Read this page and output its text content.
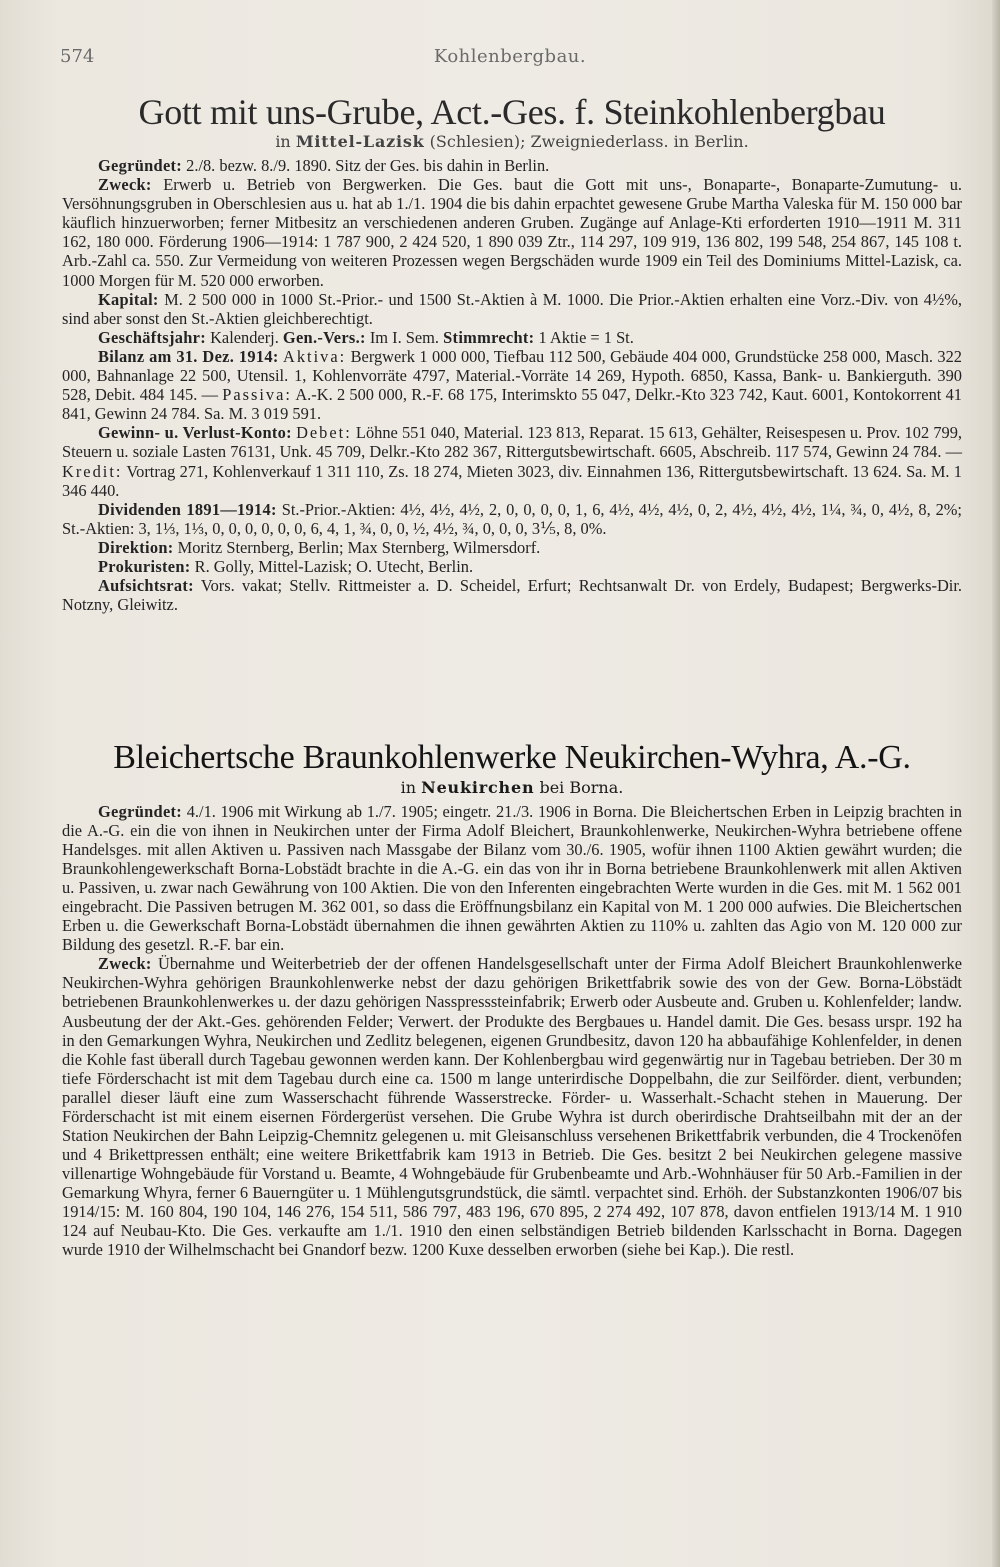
574	Kohlenbergbau.
Gott mit uns-Grube, Act.-Ges. f. Steinkohlenbergbau
in Mittel-Lazisk (Schlesien); Zweigniederlass. in Berlin.

Gegründet: 2./8. bezw. 8./9. 1890. Sitz der Ges. bis dahin in Berlin.

Zweck: Erwerb u. Betrieb von Bergwerken. Die Ges. baut die Gott mit uns-, Bonaparte-, Bonaparte-Zumutung- u. Versöhnungsgruben in Oberschlesien aus u. hat ab 1./1. 1904 die bis dahin erpachtet gewesene Grube Martha Valeska für M. 150 000 bar käuflich hinzuerworben; ferner Mitbesitz an verschiedenen anderen Gruben. Zugänge auf Anlage-Kti erforderten 1910—1911 M. 311 162, 180 000. Förderung 1906—1914: 1 787 900, 2 424 520, 1 890 039 Ztr., 114 297, 109 919, 136 802, 199 548, 254 867, 145 108 t. Arb.-Zahl ca. 550. Zur Vermeidung von weiteren Prozessen wegen Bergschäden wurde 1909 ein Teil des Dominiums Mittel-Lazisk, ca. 1000 Morgen für M. 520 000 erworben.

Kapital: M. 2 500 000 in 1000 St.-Prior.- und 1500 St.-Aktien à M. 1000. Die Prior.-Aktien erhalten eine Vorz.-Div. von 4½%, sind aber sonst den St.-Aktien gleichberechtigt.

Geschäftsjahr: Kalenderj. Gen.-Vers.: Im I. Sem. Stimmrecht: 1 Aktie = 1 St.

Bilanz am 31. Dez. 1914: Aktiva: Bergwerk 1 000 000, Tiefbau 112 500, Gebäude 404 000, Grundstücke 258 000, Masch. 322 000, Bahnanlage 22 500, Utensil. 1, Kohlenvorräte 4797, Material.-Vorräte 14 269, Hypoth. 6850, Kassa, Bank- u. Bankierguth. 390 528, Debit. 484 145. — Passiva: A.-K. 2 500 000, R.-F. 68 175, Interimskto 55 047, Delkr.-Kto 323 742, Kaut. 6001, Kontokorrent 41 841, Gewinn 24 784. Sa. M. 3 019 591.

Gewinn- u. Verlust-Konto: Debet: Löhne 551 040, Material. 123 813, Reparat. 15 613, Gehälter, Reisespesen u. Prov. 102 799, Steuern u. soziale Lasten 76131, Unk. 45 709, Delkr.-Kto 282 367, Rittergutsbewirtschaft. 6605, Abschreib. 117 574, Gewinn 24 784. — Kredit: Vortrag 271, Kohlenverkauf 1 311 110, Zs. 18 274, Mieten 3023, div. Einnahmen 136, Rittergutsbewirtschaft. 13 624. Sa. M. 1 346 440.

Dividenden 1891—1914: St.-Prior.-Aktien: 4½, 4½, 4½, 2, 0, 0, 0, 0, 1, 6, 4½, 4½, 4½, 0, 2, 4½, 4½, 4½, 1¼, ¾, 0, 4½, 8, 2%; St.-Aktien: 3, 1⅓, 1⅓, 0, 0, 0, 0, 0, 0, 6, 4, 1, ¾, 0, 0, ½, 4½, ¾, 0, 0, 0, 3⅕, 8, 0%.

Direktion: Moritz Sternberg, Berlin; Max Sternberg, Wilmersdorf.

Prokuristen: R. Golly, Mittel-Lazisk; O. Utecht, Berlin.

Aufsichtsrat: Vors. vakat; Stellv. Rittmeister a. D. Scheidel, Erfurt; Rechtsanwalt Dr. von Erdely, Budapest; Bergwerks-Dir. Notzny, Gleiwitz.

Bleichertsche Braunkohlenwerke Neukirchen-Wyhra, A.-G.
in Neukirchen bei Borna.

Gegründet: 4./1. 1906 mit Wirkung ab 1./7. 1905; eingetr. 21./3. 1906 in Borna. Die Bleichertschen Erben in Leipzig brachten in die A.-G. ein die von ihnen in Neukirchen unter der Firma Adolf Bleichert, Braunkohlenwerke, Neukirchen-Wyhra betriebene offene Handelsges. mit allen Aktiven u. Passiven nach Massgabe der Bilanz vom 30./6. 1905, wofür ihnen 1100 Aktien gewährt wurden; die Braunkohlengewerkschaft Borna-Lobstädt brachte in die A.-G. ein das von ihr in Borna betriebene Braunkohlenwerk mit allen Aktiven u. Passiven, u. zwar nach Gewährung von 100 Aktien. Die von den Inferenten eingebrachten Werte wurden in die Ges. mit M. 1 562 001 eingebracht. Die Passiven betrugen M. 362 001, so dass die Eröffnungsbilanz ein Kapital von M. 1 200 000 aufwies. Die Bleichertschen Erben u. die Gewerkschaft Borna-Lobstädt übernahmen die ihnen gewährten Aktien zu 110% u. zahlten das Agio von M. 120 000 zur Bildung des gesetzl. R.-F. bar ein.

Zweck: Übernahme und Weiterbetrieb der der offenen Handelsgesellschaft unter der Firma Adolf Bleichert Braunkohlenwerke Neukirchen-Wyhra gehörigen Braunkohlenwerke nebst der dazu gehörigen Brikettfabrik sowie des von der Gew. Borna-Löbstädt betriebenen Braunkohlenwerkes u. der dazu gehörigen Nasspresssteinfabrik; Erwerb oder Ausbeute and. Gruben u. Kohlenfelder; landw. Ausbeutung der der Akt.-Ges. gehörenden Felder; Verwert. der Produkte des Bergbaues u. Handel damit. Die Ges. besass urspr. 192 ha in den Gemarkungen Wyhra, Neukirchen und Zedlitz belegenen, eigenen Grundbesitz, davon 120 ha abbaufähige Kohlenfelder, in denen die Kohle fast überall durch Tagebau gewonnen werden kann. Der Kohlenbergbau wird gegenwärtig nur in Tagebau betrieben. Der 30 m tiefe Förderschacht ist mit dem Tagebau durch eine ca. 1500 m lange unterirdische Doppelbahn, die zur Seilförder. dient, verbunden; parallel dieser läuft eine zum Wasserschacht führende Wasserstrecke. Förder- u. Wasserhalt.-Schacht stehen in Mauerung. Der Förderschacht ist mit einem eisernen Fördergerüst versehen. Die Grube Wyhra ist durch oberirdische Drahtseilbahn mit der an der Station Neukirchen der Bahn Leipzig-Chemnitz gelegenen u. mit Gleisanschluss versehenen Brikettfabrik verbunden, die 4 Trockenöfen und 4 Brikettpressen enthält; eine weitere Brikettfabrik kam 1913 in Betrieb. Die Ges. besitzt 2 bei Neukirchen gelegene massive villenartige Wohngebäude für Vorstand u. Beamte, 4 Wohngebäude für Grubenbeamte und Arb.-Wohnhäuser für 50 Arb.-Familien in der Gemarkung Whyra, ferner 6 Bauerngüter u. 1 Mühlengutsgrundstück, die sämtl. verpachtet sind. Erhöh. der Substanzkonten 1906/07 bis 1914/15: M. 160 804, 190 104, 146 276, 154 511, 586 797, 483 196, 670 895, 2 274 492, 107 878, davon entfielen 1913/14 M. 1 910 124 auf Neubau-Kto. Die Ges. verkaufte am 1./1. 1910 den einen selbständigen Betrieb bildenden Karlsschacht in Borna. Dagegen wurde 1910 der Wilhelmschacht bei Gnandorf bezw. 1200 Kuxe desselben erworben (siehe bei Kap.). Die restl.
